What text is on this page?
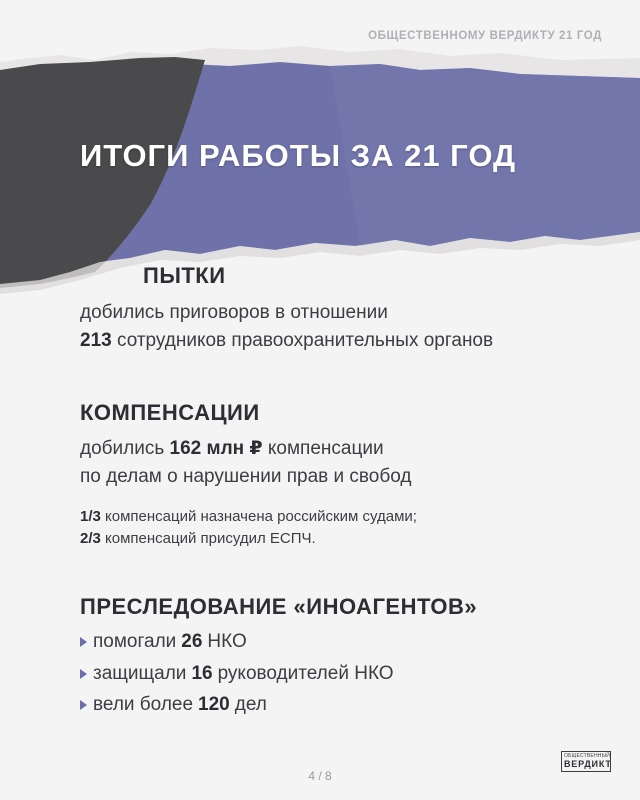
ОБЩЕСТВЕННОМУ ВЕРДИКТУ 21 ГОД
ИТОГИ РАБОТЫ ЗА 21 ГОД
ПЫТКИ
добились приговоров в отношении
213 сотрудников правоохранительных органов
КОМПЕНСАЦИИ
добились 162 млн ₽ компенсации
по делам о нарушении прав и свобод
1/3 компенсаций назначена российским судами;
2/3 компенсаций присудил ЕСПЧ.
ПРЕСЛЕДОВАНИЕ «ИНОАГЕНТОВ»
помогали 26 НКО
защищали 16 руководителей НКО
вели более 120 дел
4 / 8
ОБЩЕСТВЕННЫЙ
ВЕРДИКТ
